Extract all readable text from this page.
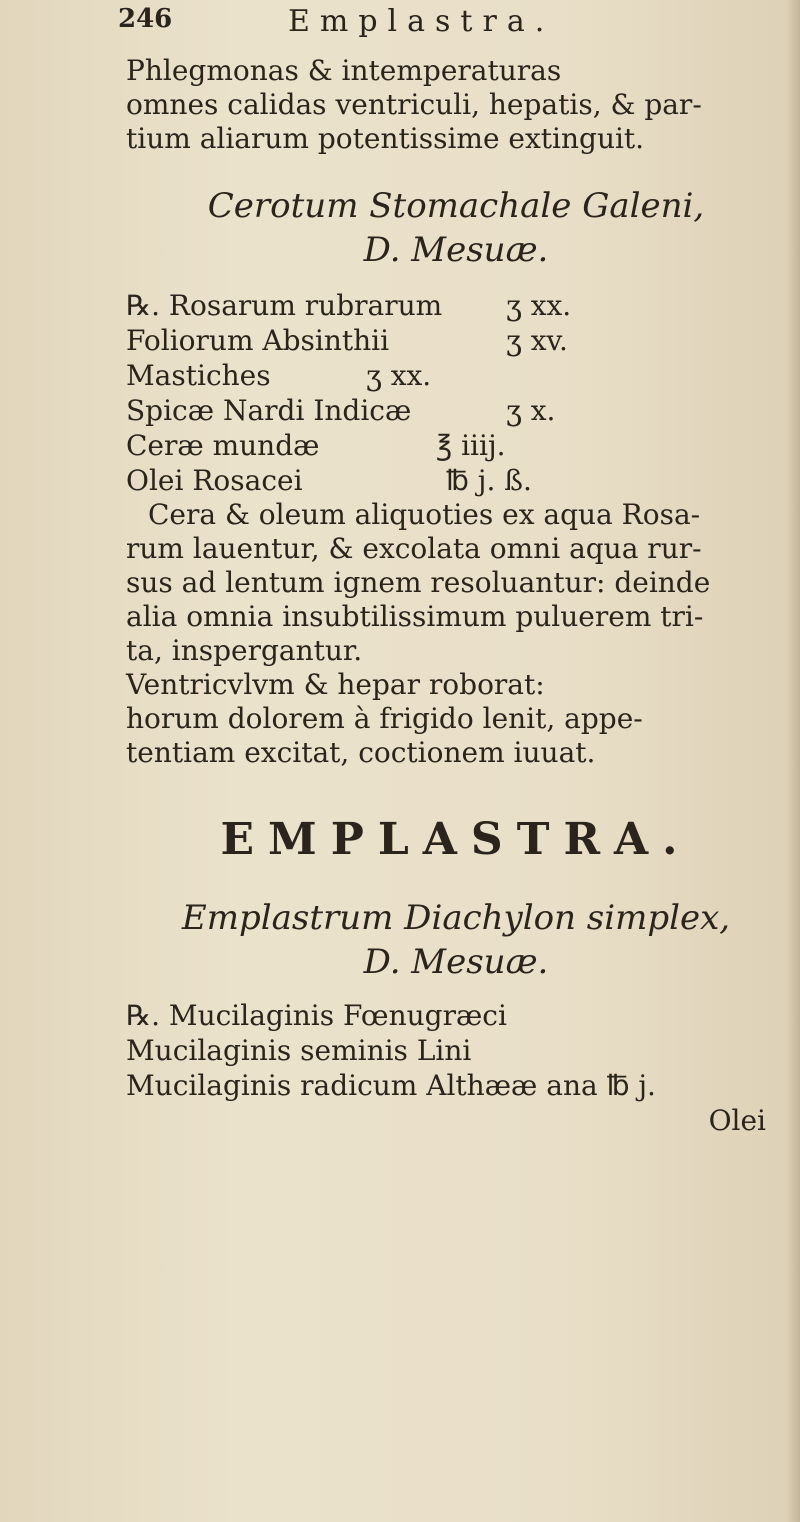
246	Emplastra.
Phlegmonas & intemperaturas
omnes calidas ventriculi, hepatis, & par-
tium aliarum potentissime extinguit.
Cerotum Stomachale Galeni,
D. Mesuæ.
℞. Rosarum rubrarum	ʒ xx.
Foliorum Absinthii	ʒ xv.
Mastiches	ʒ xx.
Spicæ Nardi Indicæ	ʒ x.
Ceræ mundæ	℥ iiij.
Olei Rosacei	℔ j. ß.
Cera & oleum aliquoties ex aqua Rosa-
rum lauentur, & excolata omni aqua rur-
sus ad lentum ignem resoluantur: deinde
alia omnia insubtilissimum puluerem tri-
ta, inspergantur.
Ventricvlvm & hepar roborat:
horum dolorem à frigido lenit, appe-
tentiam excitat, coctionem iuuat.
EMPLASTRA.
Emplastrum Diachylon simplex,
D. Mesuæ.
℞. Mucilaginis Fœnugræci
Mucilaginis seminis Lini
Mucilaginis radicum Althææ ana ℔ j.
Olei
